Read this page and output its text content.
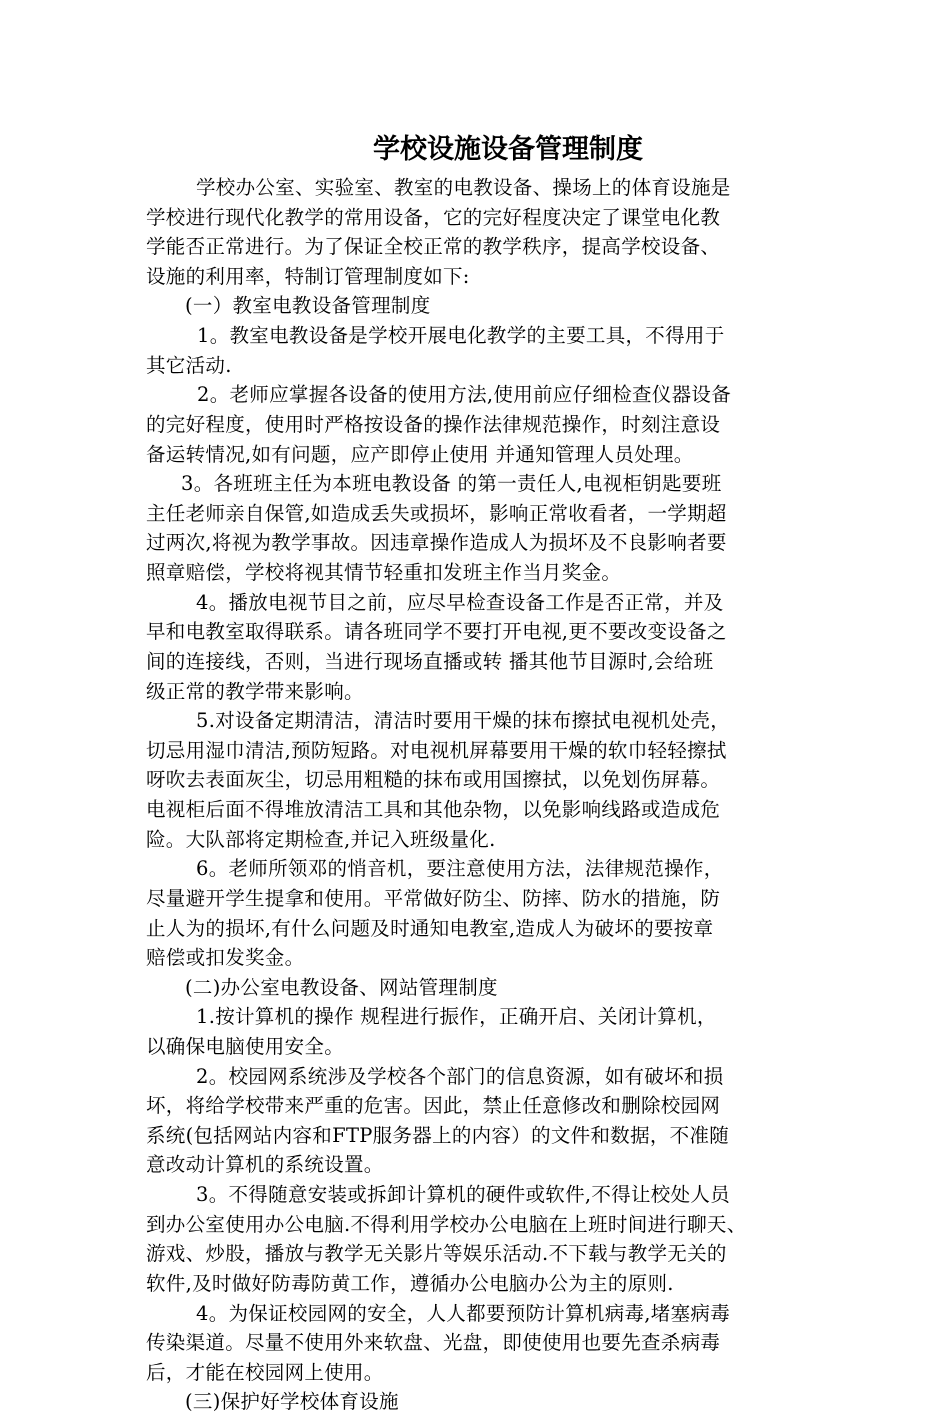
学校设施设备管理制度
学校办公室、实验室、教室的电教设备、操场上的体育设施是
学校进行现代化教学的常用设备，它的完好程度决定了课堂电化教
学能否正常进行。为了保证全校正常的教学秩序，提高学校设备、
设施的利用率，特制订管理制度如下:
(一）教室电教设备管理制度
1。教室电教设备是学校开展电化教学的主要工具，不得用于
其它活动.
2。老师应掌握各设备的使用方法,使用前应仔细检查仪器设备
的完好程度，使用时严格按设备的操作法律规范操作，时刻注意设
备运转情况,如有问题，应产即停止使用 并通知管理人员处理。
3。各班班主任为本班电教设备 的第一责任人,电视柜钥匙要班
主任老师亲自保管,如造成丢失或损坏，影响正常收看者，一学期超
过两次,将视为教学事故。因违章操作造成人为损坏及不良影响者要
照章赔偿，学校将视其情节轻重扣发班主作当月奖金。
4。播放电视节目之前，应尽早检查设备工作是否正常，并及
早和电教室取得联系。请各班同学不要打开电视,更不要改变设备之
间的连接线，否则，当进行现场直播或转 播其他节目源时,会给班
级正常的教学带来影响。
5.对设备定期清洁，清洁时要用干燥的抹布擦拭电视机处壳，
切忌用湿巾清洁,预防短路。对电视机屏幕要用干燥的软巾轻轻擦拭
呀吹去表面灰尘，切忌用粗糙的抹布或用国擦拭，以免划伤屏幕。
电视柜后面不得堆放清洁工具和其他杂物，以免影响线路或造成危
险。大队部将定期检查,并记入班级量化.
6。老师所领邓的悄音机，要注意使用方法，法律规范操作，
尽量避开学生提拿和使用。平常做好防尘、防摔、防水的措施，防
止人为的损坏,有什么问题及时通知电教室,造成人为破坏的要按章
赔偿或扣发奖金。
(二)办公室电教设备、网站管理制度
1.按计算机的操作 规程进行振作，正确开启、关闭计算机，
以确保电脑使用安全。
2。校园网系统涉及学校各个部门的信息资源，如有破坏和损
坏，将给学校带来严重的危害。因此，禁止任意修改和删除校园网
系统(包括网站内容和FTP服务器上的内容）的文件和数据，不准随
意改动计算机的系统设置。
3。不得随意安装或拆卸计算机的硬件或软件,不得让校处人员
到办公室使用办公电脑.不得利用学校办公电脑在上班时间进行聊天、
游戏、炒股，播放与教学无关影片等娱乐活动.不下载与教学无关的
软件,及时做好防毒防黄工作，遵循办公电脑办公为主的原则.
4。为保证校园网的安全，人人都要预防计算机病毒,堵塞病毒
传染渠道。尽量不使用外来软盘、光盘，即使使用也要先查杀病毒
后，才能在校园网上使用。
(三)保护好学校体育设施
